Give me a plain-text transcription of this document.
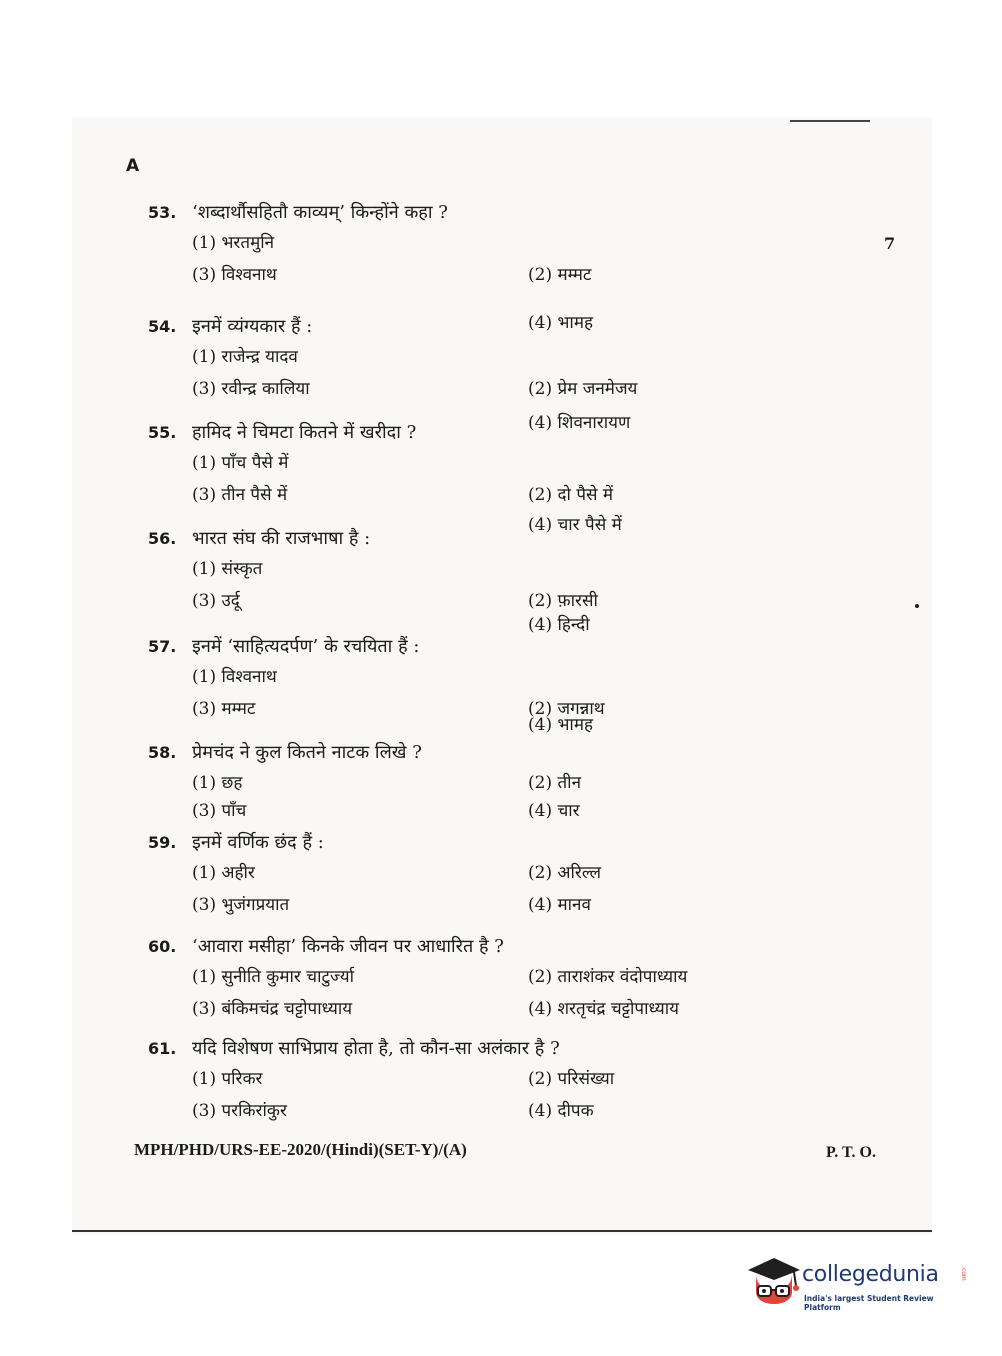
A
7
53. ‘शब्दार्थौसहितौ काव्यम्’ किन्होंने कहा ?
(1) भरतमुनि
(3) विश्वनाथ	(2) मम्मट
(4) भामह
54. इनमें व्यंग्यकार हैं :
(1) राजेन्द्र यादव
(3) रवीन्द्र कालिया	(2) प्रेम जनमेजय
(4) शिवनारायण
55. हामिद ने चिमटा कितने में खरीदा ?
(1) पाँच पैसे में
(3) तीन पैसे में	(2) दो पैसे में
(4) चार पैसे में
56. भारत संघ की राजभाषा है :
(1) संस्कृत
(3) उर्दू	(2) फ़ारसी
(4) हिन्दी
57. इनमें ‘साहित्यदर्पण’ के रचयिता हैं :
(1) विश्वनाथ
(3) मम्मट	(2) जगन्नाथ
(4) भामह
58. प्रेमचंद ने कुल कितने नाटक लिखे ?
(1) छह	(2) तीन
(3) पाँच	(4) चार
59. इनमें वर्णिक छंद हैं :
(1) अहीर	(2) अरिल्ल
(3) भुजंगप्रयात	(4) मानव
60. ‘आवारा मसीहा’ किनके जीवन पर आधारित है ?
(1) सुनीति कुमार चाटुर्ज्या	(2) ताराशंकर वंदोपाध्याय
(3) बंकिमचंद्र चट्टोपाध्याय	(4) शरतृचंद्र चट्टोपाध्याय
61. यदि विशेषण साभिप्राय होता है, तो कौन-सा अलंकार है ?
(1) परिकर	(2) परिसंख्या
(3) परकिरांकुर	(4) दीपक
MPH/PHD/URS-EE-2020/(Hindi)(SET-Y)/(A)	P. T. O.
collegedunia	.com
India's largest Student Review Platform
